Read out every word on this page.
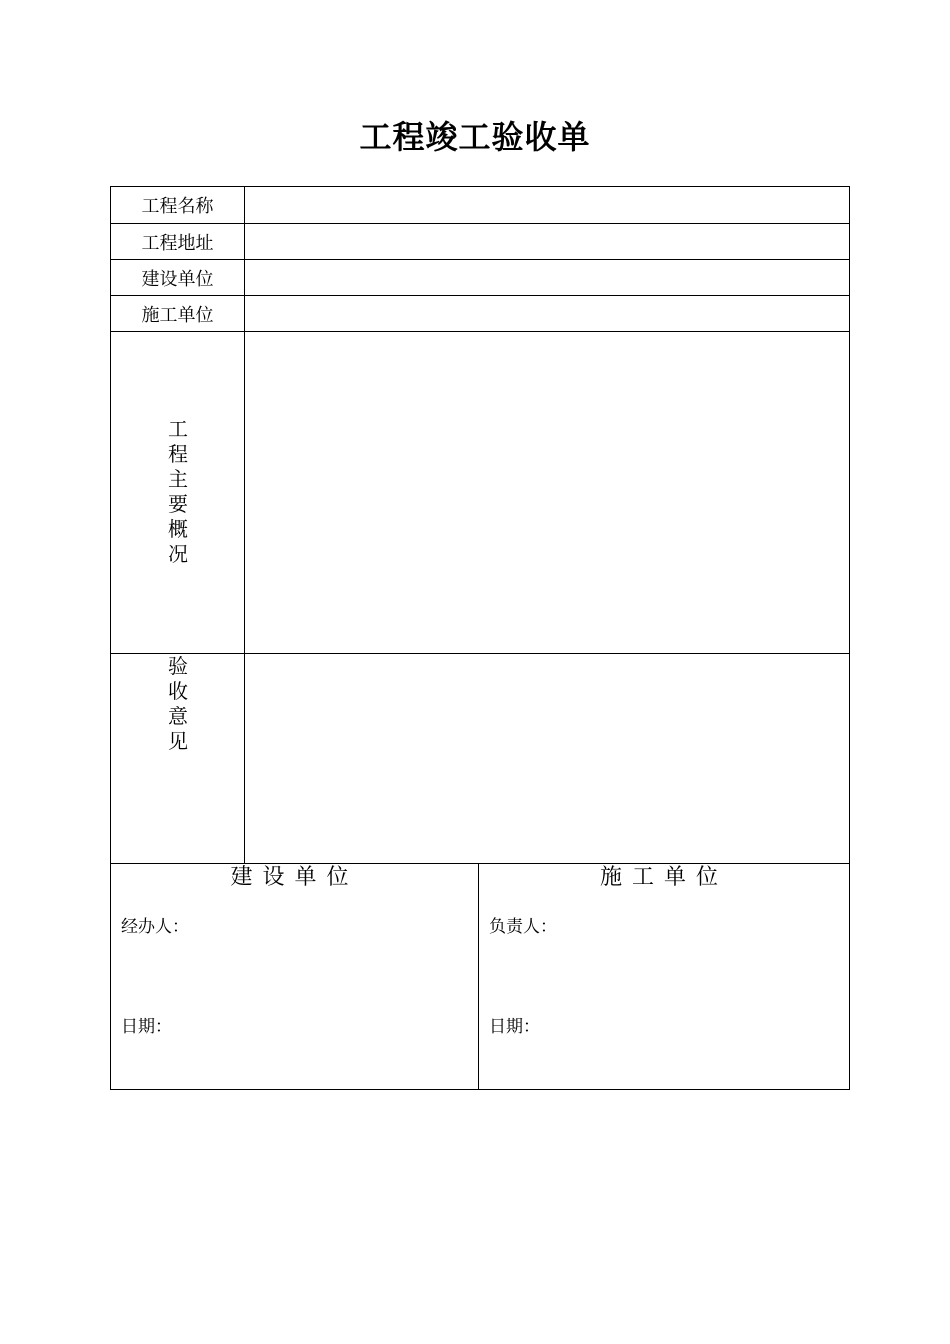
工程竣工验收单
工程名称
工程地址
建设单位
施工单位
工
程
主
要
概
况
验
收
意
见
建设单位
经办人：
日期：
施工单位
负责人：
日期：
